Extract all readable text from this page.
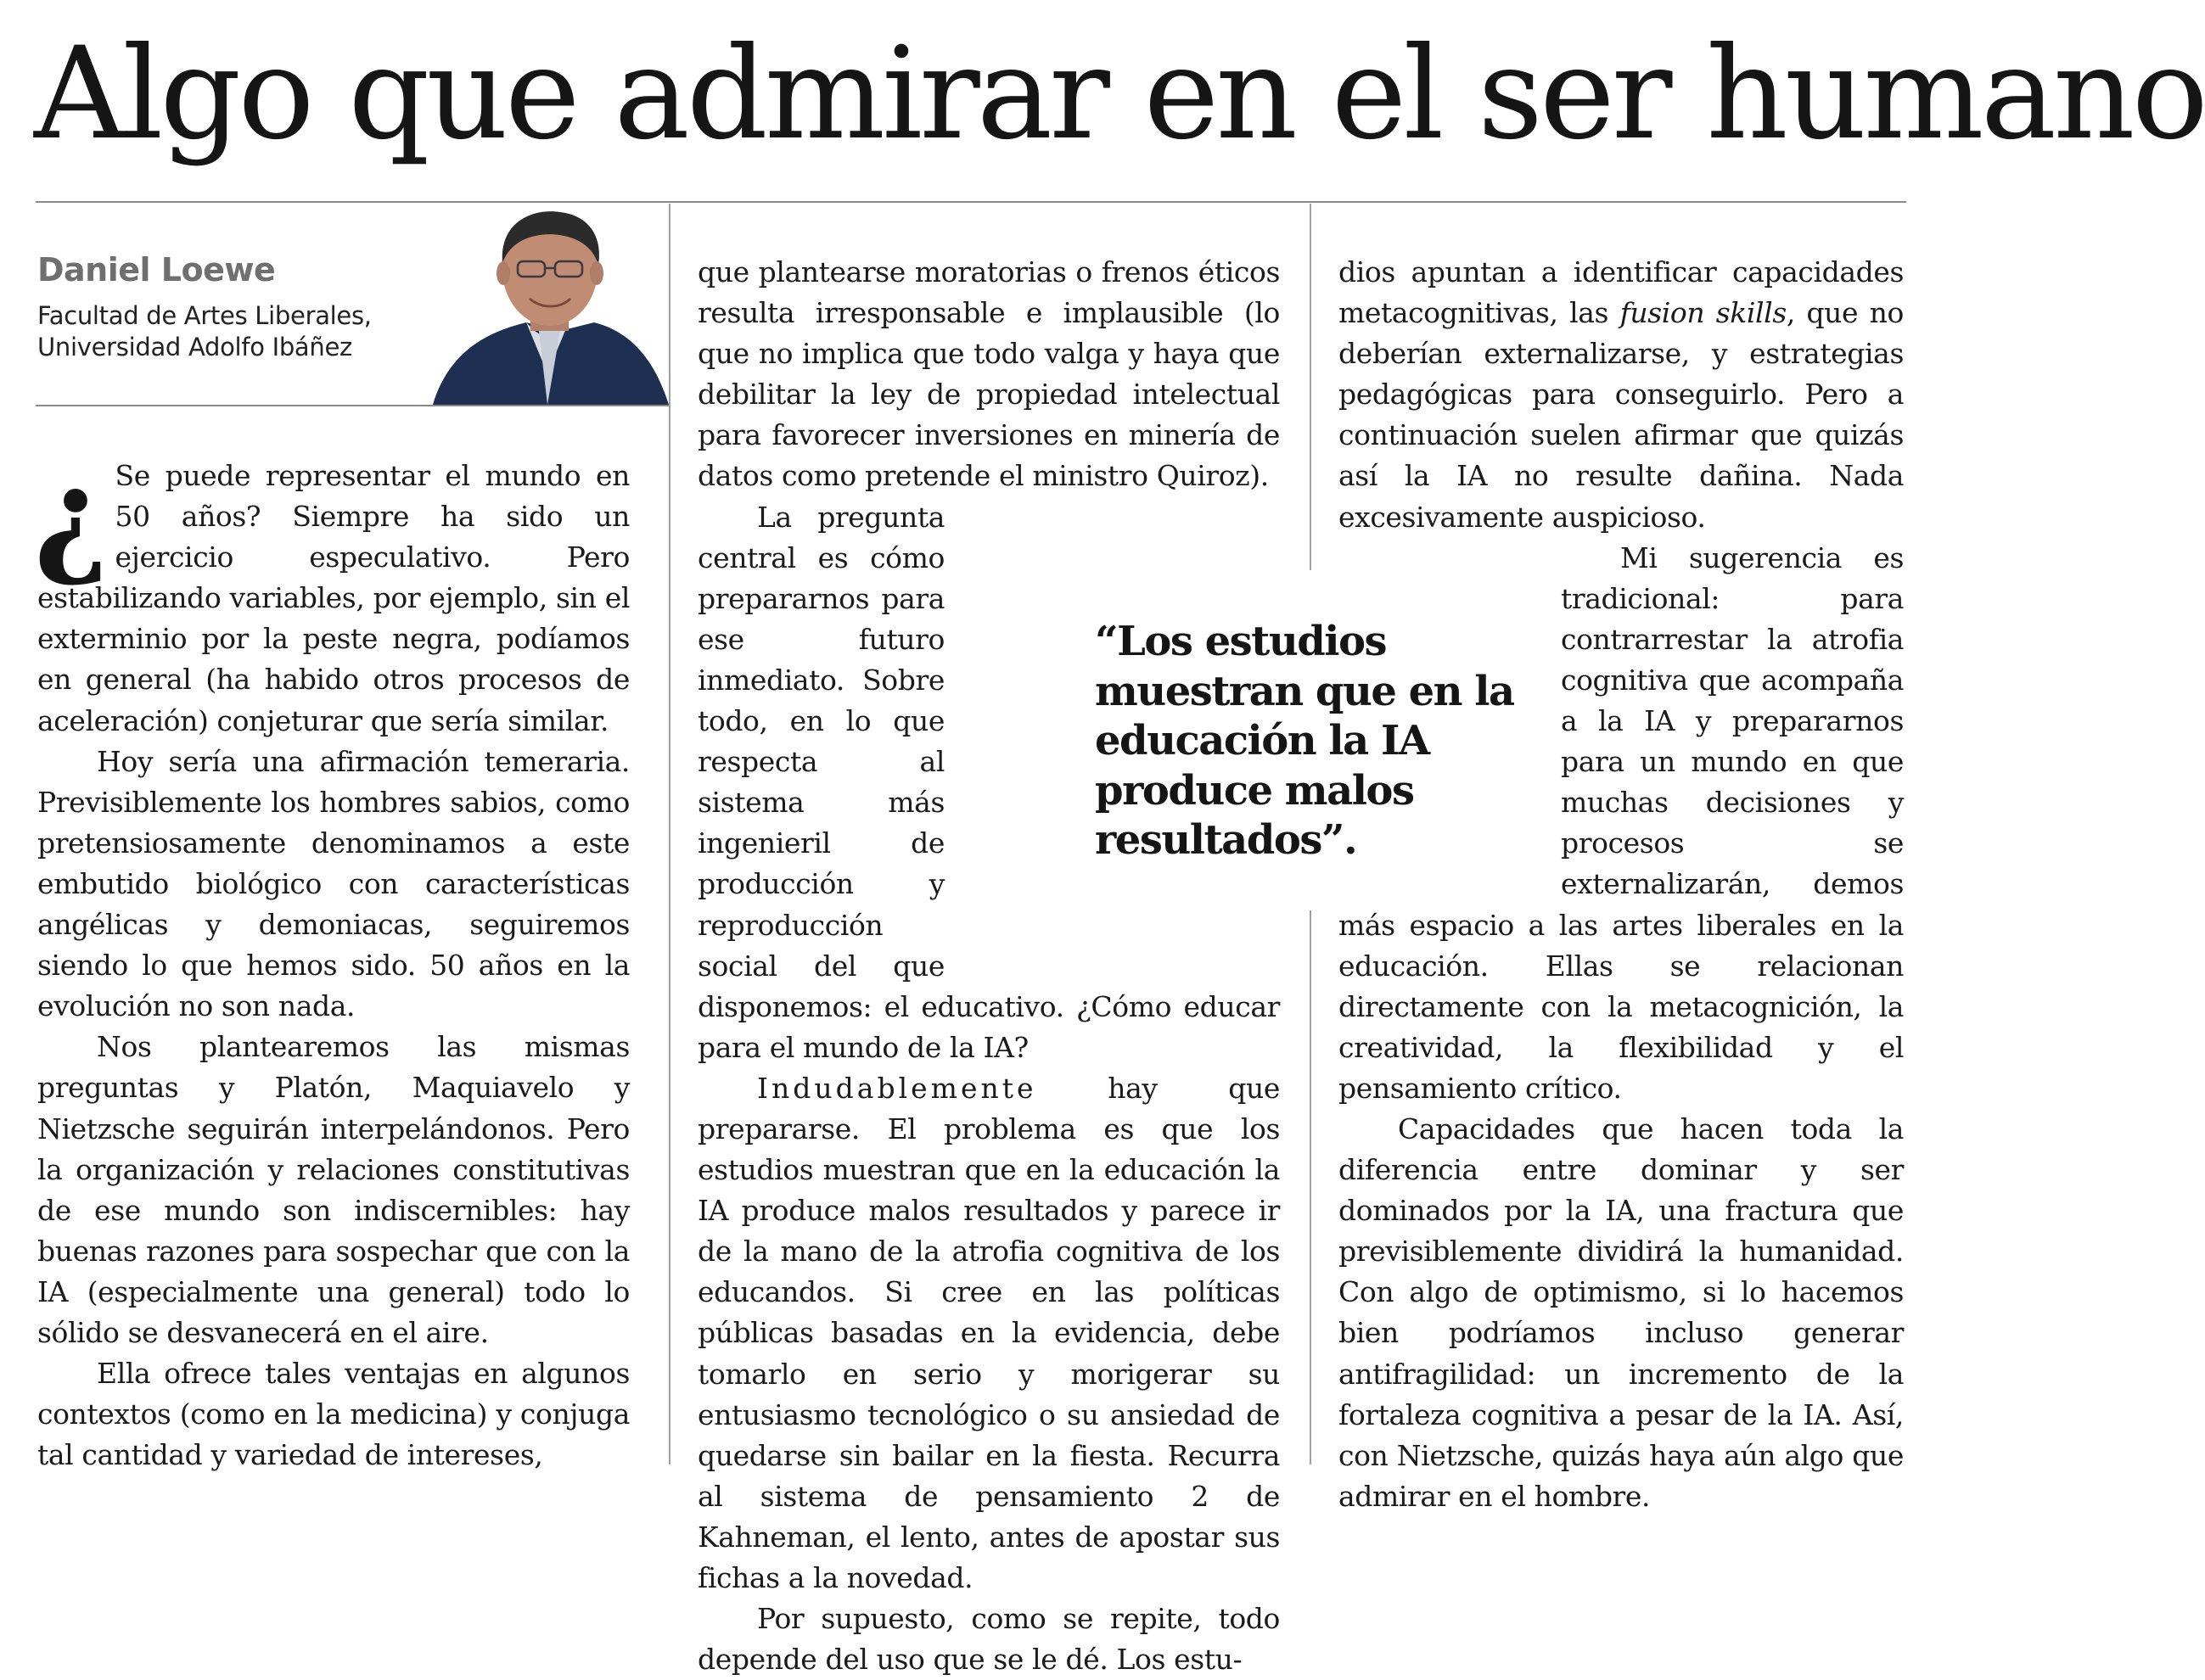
Algo que admirar en el ser humano

Daniel Loewe

Facultad de Artes Liberales,

Universidad Adolfo Ibáñez

¿ Se puede representar el mundo en 50 años? Siempre ha sido un ejercicio especulativo. Pero estabilizando variables, por ejemplo, sin el exterminio por la peste negra, podíamos en general (ha habido otros procesos de aceleración) conjeturar que sería similar.

Hoy sería una afirmación temeraria. Previsiblemente los hombres sabios, como pretensiosamente denominamos a este embutido biológico con características angélicas y demoniacas, seguiremos siendo lo que hemos sido. 50 años en la evolución no son nada.

Nos plantearemos las mismas preguntas y Platón, Maquiavelo y Nietzsche seguirán interpelándonos. Pero la organización y relaciones constitutivas de ese mundo son indiscernibles: hay buenas razones para sospechar que con la IA (especialmente una general) todo lo sólido se desvanecerá en el aire.

Ella ofrece tales ventajas en algunos contextos (como en la medicina) y conjuga tal cantidad y variedad de intereses,

que plantearse moratorias o frenos éticos resulta irresponsable e implausible (lo que no implica que todo valga y haya que debilitar la ley de propiedad intelectual para favorecer inversiones en minería de datos como pretende el ministro Quiroz).

La pregunta central es cómo prepararnos para ese futuro inmediato. Sobre todo, en lo que respecta al sistema más ingenieril de producción y reproducción social del que disponemos: el educativo. ¿Cómo educar para el mundo de la IA?

Indudablemente hay que prepararse. El problema es que los estudios muestran que en la educación la IA produce malos resultados y parece ir de la mano de la atrofia cognitiva de los educandos. Si cree en las políticas públicas basadas en la evidencia, debe tomarlo en serio y morigerar su entusiasmo tecnológico o su ansiedad de quedarse sin bailar en la fiesta. Recurra al sistema de pensamiento 2 de Kahneman, el lento, antes de apostar sus fichas a la novedad.

Por supuesto, como se repite, todo depende del uso que se le dé. Los estu-

dios apuntan a identificar capacidades metacognitivas, las fusion skills, que no deberían externalizarse, y estrategias pedagógicas para conseguirlo. Pero a continuación suelen afirmar que quizás así la IA no resulte dañina. Nada excesivamente auspicioso.

Mi sugerencia es tradicional: para contrarrestar la atrofia cognitiva que acompaña a la IA y prepararnos para un mundo en que muchas decisiones y procesos se externalizarán, demos más espacio a las artes liberales en la educación. Ellas se relacionan directamente con la metacognición, la creatividad, la flexibilidad y el pensamiento crítico.

Capacidades que hacen toda la diferencia entre dominar y ser dominados por la IA, una fractura que previsiblemente dividirá la humanidad. Con algo de optimismo, si lo hacemos bien podríamos incluso generar antifragilidad: un incremento de la fortaleza cognitiva a pesar de la IA. Así, con Nietzsche, quizás haya aún algo que admirar en el hombre.

“Los estudios muestran que en la educación la IA produce malos resultados”.
